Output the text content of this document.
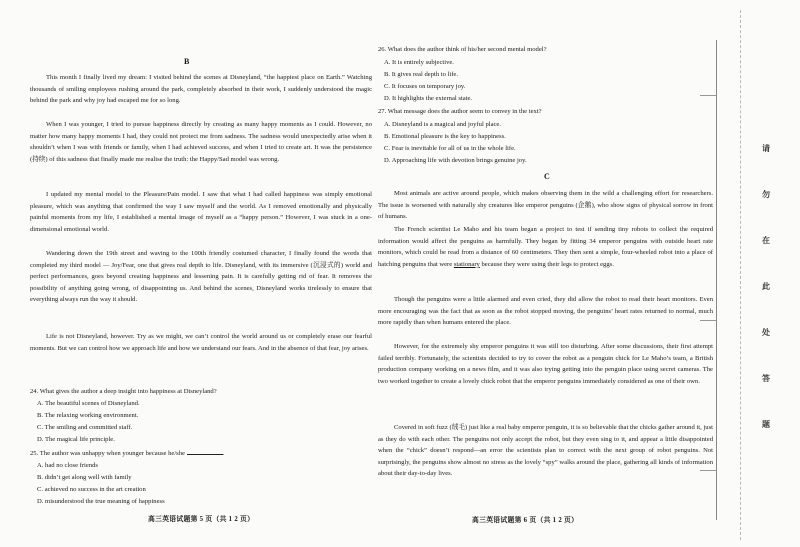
B

This month I finally lived my dream: I visited behind the scenes at Disneyland, “the happiest place on Earth.” Watching thousands of smiling employees rushing around the park, completely absorbed in their work, I suddenly understood the magic behind the park and why joy had escaped me for so long.

When I was younger, I tried to pursue happiness directly by creating as many happy moments as I could. However, no matter how many happy moments I had, they could not protect me from sadness. The sadness would unexpectedly arise when it shouldn’t when I was with friends or family, when I had achieved success, and when I tried to create art. It was the persistence (持续) of this sadness that finally made me realise the truth: the Happy/Sad model was wrong.

I updated my mental model to the Pleasure/Pain model. I saw that what I had called happiness was simply emotional pleasure, which was anything that confirmed the way I saw myself and the world. As I removed emotionally and physically painful moments from my life, I established a mental image of myself as a “happy person.” However, I was stuck in a one-dimensional emotional world.

Wandering down the 19th street and waving to the 100th friendly costumed character, I finally found the words that completed my third model — Joy/Fear, one that gives real depth to life. Disneyland, with its immersive (沉浸式的) world and perfect performances, goes beyond creating happiness and lessening pain. It is carefully getting rid of fear. It removes the possibility of anything going wrong, of disappointing us. And behind the scenes, Disneyland works tirelessly to ensure that everything always run the way it should.

Life is not Disneyland, however. Try as we might, we can’t control the world around us or completely erase our fearful moments. But we can control how we approach life and how we understand our fears. And in the absence of that fear, joy arises.

24. What gives the author a deep insight into happiness at Disneyland?

A. The beautiful scenes of Disneyland.

B. The relaxing working environment.

C. The smiling and committed staff.

D. The magical life principle.

25. The author was unhappy when younger because he/she	.

A. had no close friends

B. didn’t get along well with family

C. achieved no success in the art creation

D. misunderstood the true meaning of happiness

高三英语试题第 5 页（共 1 2 页）

26. What does the author think of his/her second mental model?

A. It is entirely subjective.

B. It gives real depth to life.

C. It focuses on temporary joy.

D. It highlights the external state.

27. What message does the author seem to convey in the text?

A. Disneyland is a magical and joyful place.

B. Emotional pleasure is the key to happiness.

C. Fear is inevitable for all of us in the whole life.

D. Approaching life with devotion brings genuine joy.

C

Most animals are active around people, which makes observing them in the wild a challenging effort for researchers. The issue is worsened with naturally shy creatures like emperor penguins (企鹅), who show signs of physical sorrow in front of humans.

The French scientist Le Maho and his team began a project to test if sending tiny robots to collect the required information would affect the penguins as harmfully. They began by fitting 34 emperor penguins with outside heart rate monitors, which could be read from a distance of 60 centimeters. They then sent a simple, four-wheeled robot into a place of hatching penguins that were stationary because they were using their legs to protect eggs.

Though the penguins were a little alarmed and even cried, they did allow the robot to read their heart monitors. Even more encouraging was the fact that as soon as the robot stopped moving, the penguins’ heart rates returned to normal, much more rapidly than when humans entered the place.

However, for the extremely shy emperor penguins it was still too disturbing. After some discussions, their first attempt failed terribly. Fortunately, the scientists decided to try to cover the robot as a penguin chick for Le Maho’s team, a British production company working on a news film, and it was also trying getting into the penguin place using secret cameras. The two worked together to create a lovely chick robot that the emperor penguins immediately considered as one of their own.

Covered in soft fuzz (绒毛) just like a real baby emperor penguin, it is so believable that the chicks gather around it, just as they do with each other. The penguins not only accept the robot, but they even sing to it, and appear a little disappointed when the “chick” doesn’t respond—an error the scientists plan to correct with the next group of robot penguins. Not surprisingly, the penguins show almost no stress as the lovely “spy” walks around the place, gathering all kinds of information about their day-to-day lives.

高三英语试题第 6 页（共 1 2 页）
请
勿
在
此
处
答
题
